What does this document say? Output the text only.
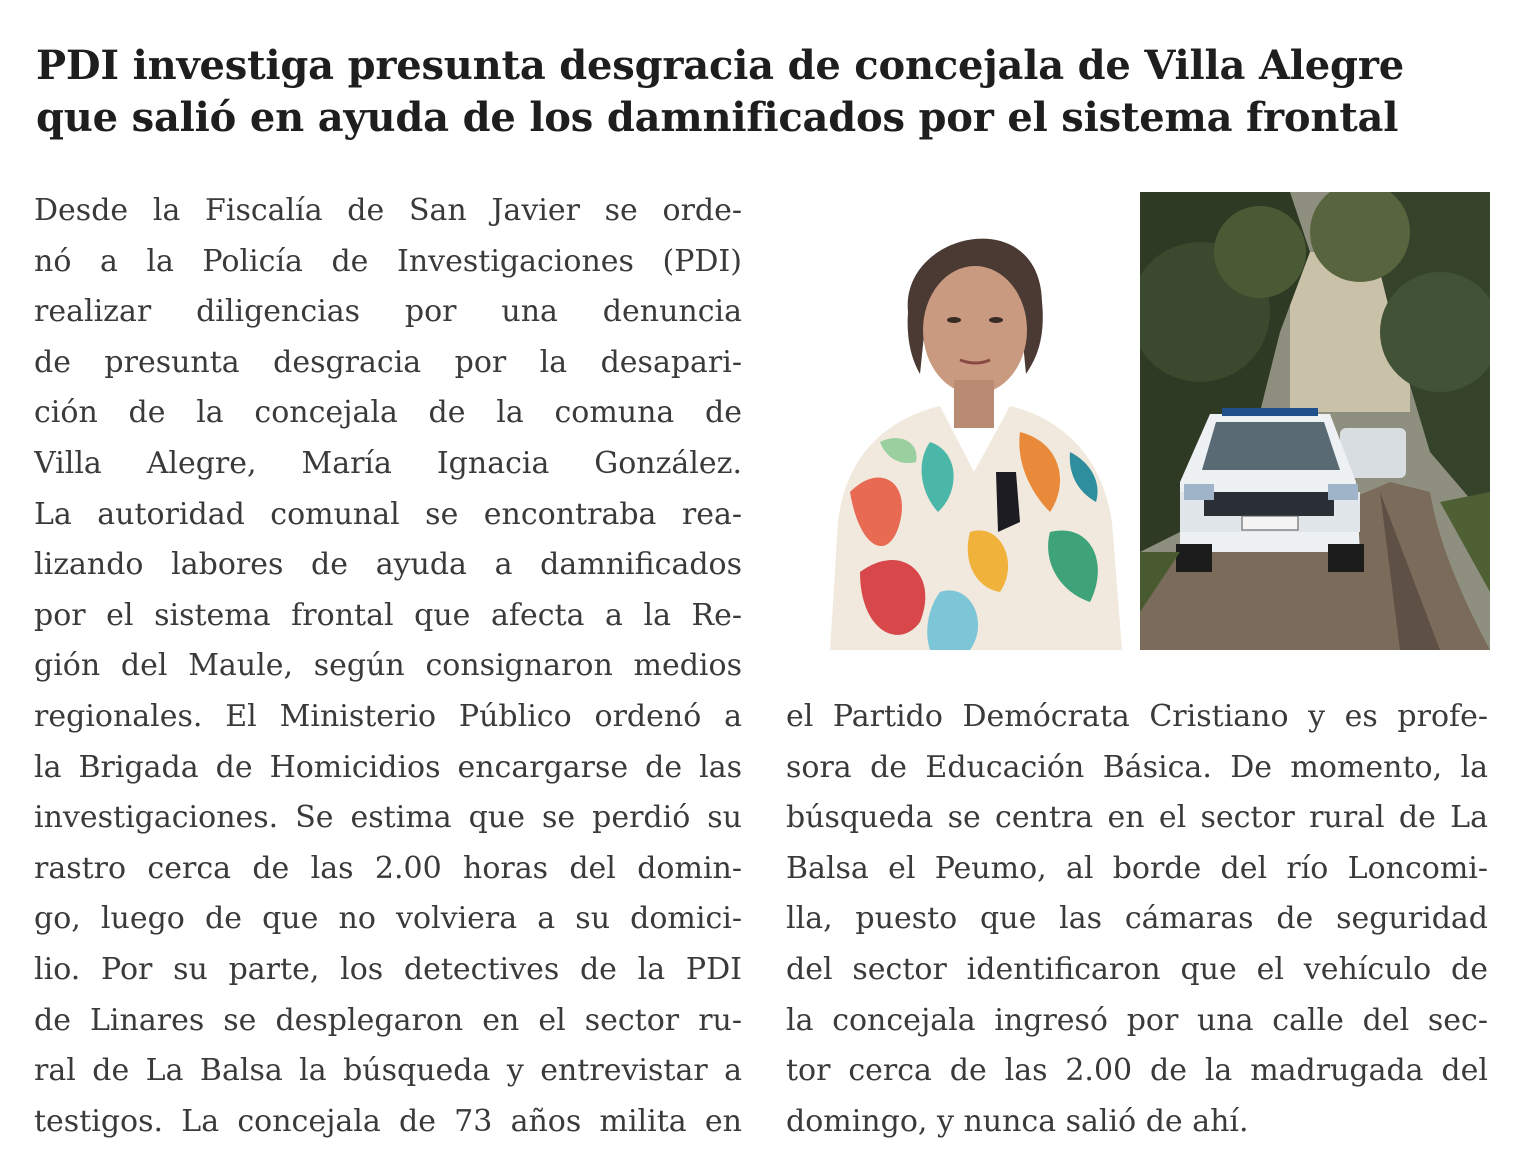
PDI investiga presunta desgracia de concejala de Villa Alegre
que salió en ayuda de los damnificados por el sistema frontal
Desde la Fiscalía de San Javier se orde-
nó a la Policía de Investigaciones (PDI)
realizar diligencias por una denuncia
de presunta desgracia por la desapari-
ción de la concejala de la comuna de
Villa Alegre, María Ignacia González.
La autoridad comunal se encontraba rea-
lizando labores de ayuda a damnificados
por el sistema frontal que afecta a la Re-
gión del Maule, según consignaron medios
regionales. El Ministerio Público ordenó a
la Brigada de Homicidios encargarse de las
investigaciones. Se estima que se perdió su
rastro cerca de las 2.00 horas del domin-
go, luego de que no volviera a su domici-
lio. Por su parte, los detectives de la PDI
de Linares se desplegaron en el sector ru-
ral de La Balsa la búsqueda y entrevistar a
testigos. La concejala de 73 años milita en
el Partido Demócrata Cristiano y es profe-
sora de Educación Básica. De momento, la
búsqueda se centra en el sector rural de La
Balsa el Peumo, al borde del río Loncomi-
lla, puesto que las cámaras de seguridad
del sector identificaron que el vehículo de
la concejala ingresó por una calle del sec-
tor cerca de las 2.00 de la madrugada del
domingo, y nunca salió de ahí.
